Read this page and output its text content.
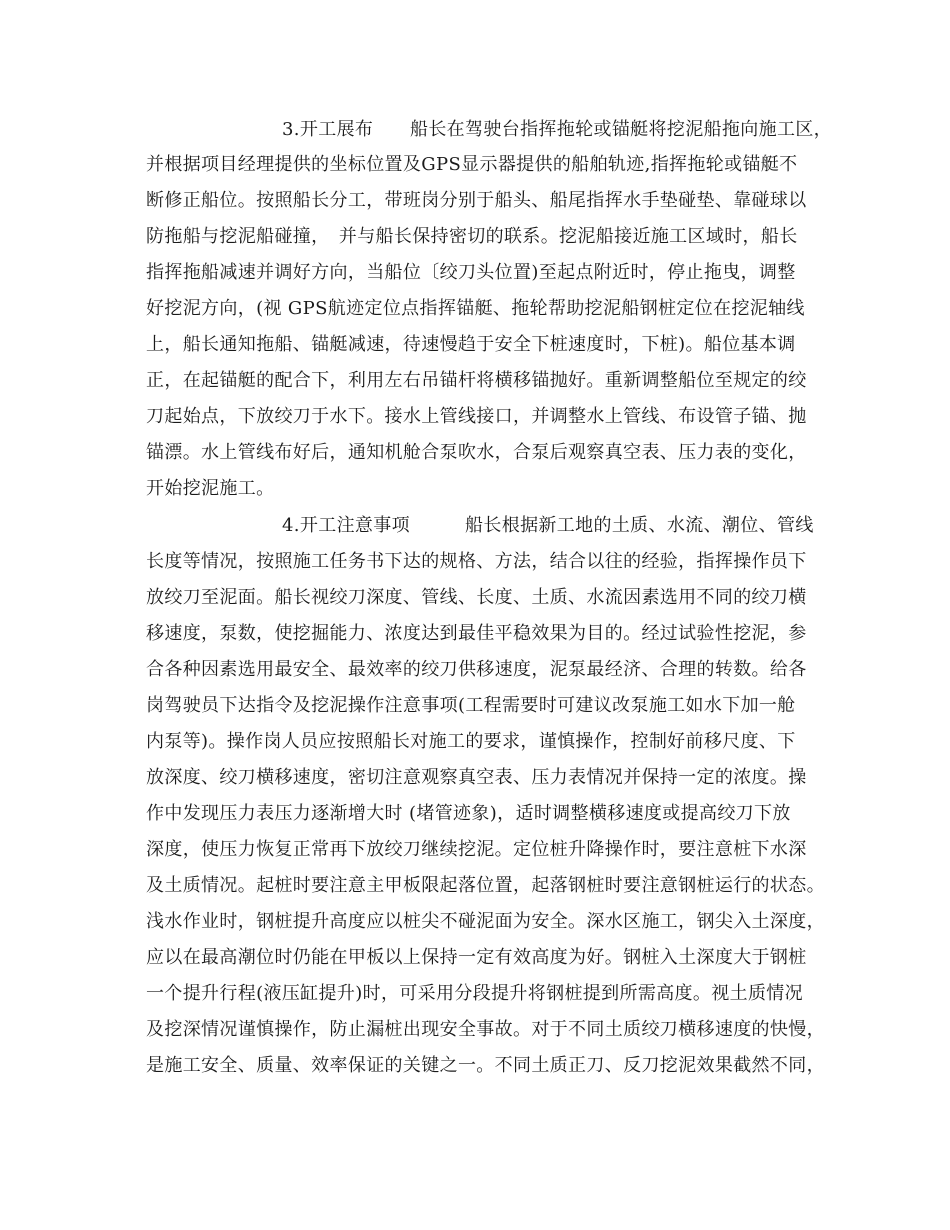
3.开工展布　　船长在驾驶台指挥拖轮或锚艇将挖泥船拖向施工区，
并根据项目经理提供的坐标位置及GPS显示器提供的船舶轨迹,指挥拖轮或锚艇不
断修正船位。按照船长分工，带班岗分别于船头、船尾指挥水手垫碰垫、靠碰球以
防拖船与挖泥船碰撞，　并与船长保持密切的联系。挖泥船接近施工区域时，船长
指挥拖船减速并调好方向，当船位〔绞刀头位置)至起点附近时，停止拖曳，调整
好挖泥方向，(视 GPS航迹定位点指挥锚艇、拖轮帮助挖泥船钢桩定位在挖泥轴线
上，船长通知拖船、锚艇减速，待速慢趋于安全下桩速度时，下桩)。船位基本调
正，在起锚艇的配合下，利用左右吊锚杆将横移锚抛好。重新调整船位至规定的绞
刀起始点，下放绞刀于水下。接水上管线接口，并调整水上管线、布设管子锚、抛
锚漂。水上管线布好后，通知机舱合泵吹水，合泵后观察真空表、压力表的变化，
开始挖泥施工。
4.开工注意事项　　　船长根据新工地的土质、水流、潮位、管线
长度等情况，按照施工任务书下达的规格、方法，结合以往的经验，指挥操作员下
放绞刀至泥面。船长视绞刀深度、管线、长度、土质、水流因素选用不同的绞刀横
移速度，泵数，使挖掘能力、浓度达到最佳平稳效果为目的。经过试验性挖泥，参
合各种因素选用最安全、最效率的绞刀供移速度，泥泵最经济、合理的转数。给各
岗驾驶员下达指令及挖泥操作注意事项(工程需要时可建议改泵施工如水下加一舱
内泵等)。操作岗人员应按照船长对施工的要求，谨慎操作，控制好前移尺度、下
放深度、绞刀横移速度，密切注意观察真空表、压力表情况并保持一定的浓度。操
作中发现压力表压力逐渐增大时 (堵管迹象)，适时调整横移速度或提高绞刀下放
深度，使压力恢复正常再下放绞刀继续挖泥。定位桩升降操作时，要注意桩下水深
及土质情况。起桩时要注意主甲板限起落位置，起落钢桩时要注意钢桩运行的状态。
浅水作业时，钢桩提升高度应以桩尖不碰泥面为安全。深水区施工，钢尖入土深度，
应以在最高潮位时仍能在甲板以上保持一定有效高度为好。钢桩入土深度大于钢桩
一个提升行程(液压缸提升)时，可采用分段提升将钢桩提到所需高度。视土质情况
及挖深情况谨慎操作，防止漏桩出现安全事故。对于不同土质绞刀横移速度的快慢，
是施工安全、质量、效率保证的关键之一。不同土质正刀、反刀挖泥效果截然不同，
